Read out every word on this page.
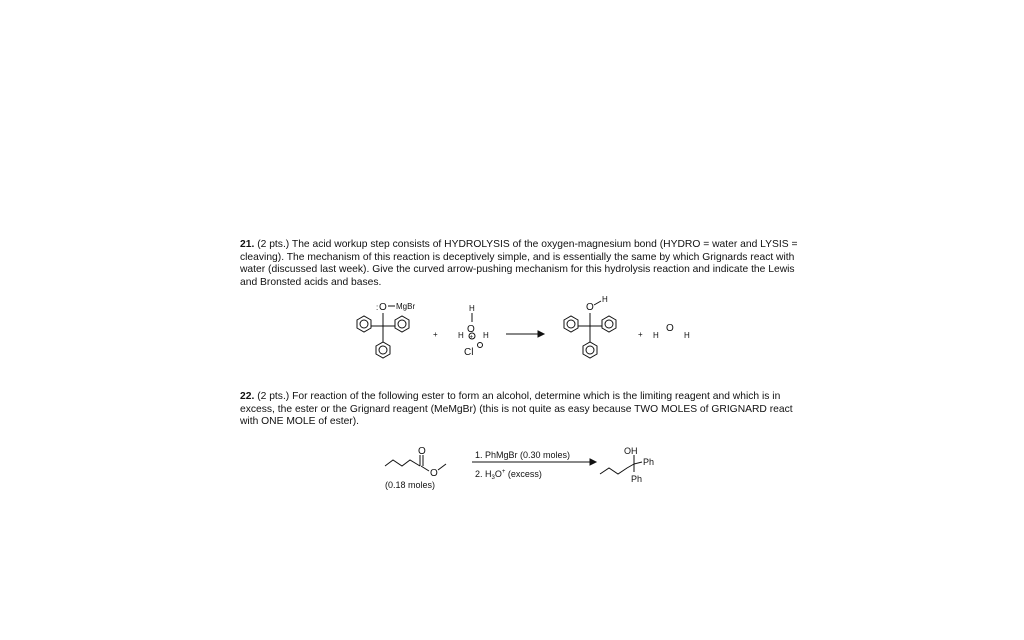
21. (2 pts.) The acid workup step consists of HYDROLYSIS of the oxygen-magnesium bond (HYDRO = water and LYSIS = cleaving). The mechanism of this reaction is deceptively simple, and is essentially the same by which Grignards react with water (discussed last week). Give the curved arrow-pushing mechanism for this hydrolysis reaction and indicate the Lewis and Bronsted acids and bases.
: O MgBr
+
H
O
H H
+
Cl
O
H
+
O
H	H
22. (2 pts.) For reaction of the following ester to form an alcohol, determine which is the limiting reagent and which is in excess, the ester or the Grignard reagent (MeMgBr) (this is not quite as easy because TWO MOLES of GRIGNARD react with ONE MOLE of ester).
O
O
(0.18 moles)
1. PhMgBr (0.30 moles)
2. $H_3O^+$ (excess)
OH
Ph
Ph
